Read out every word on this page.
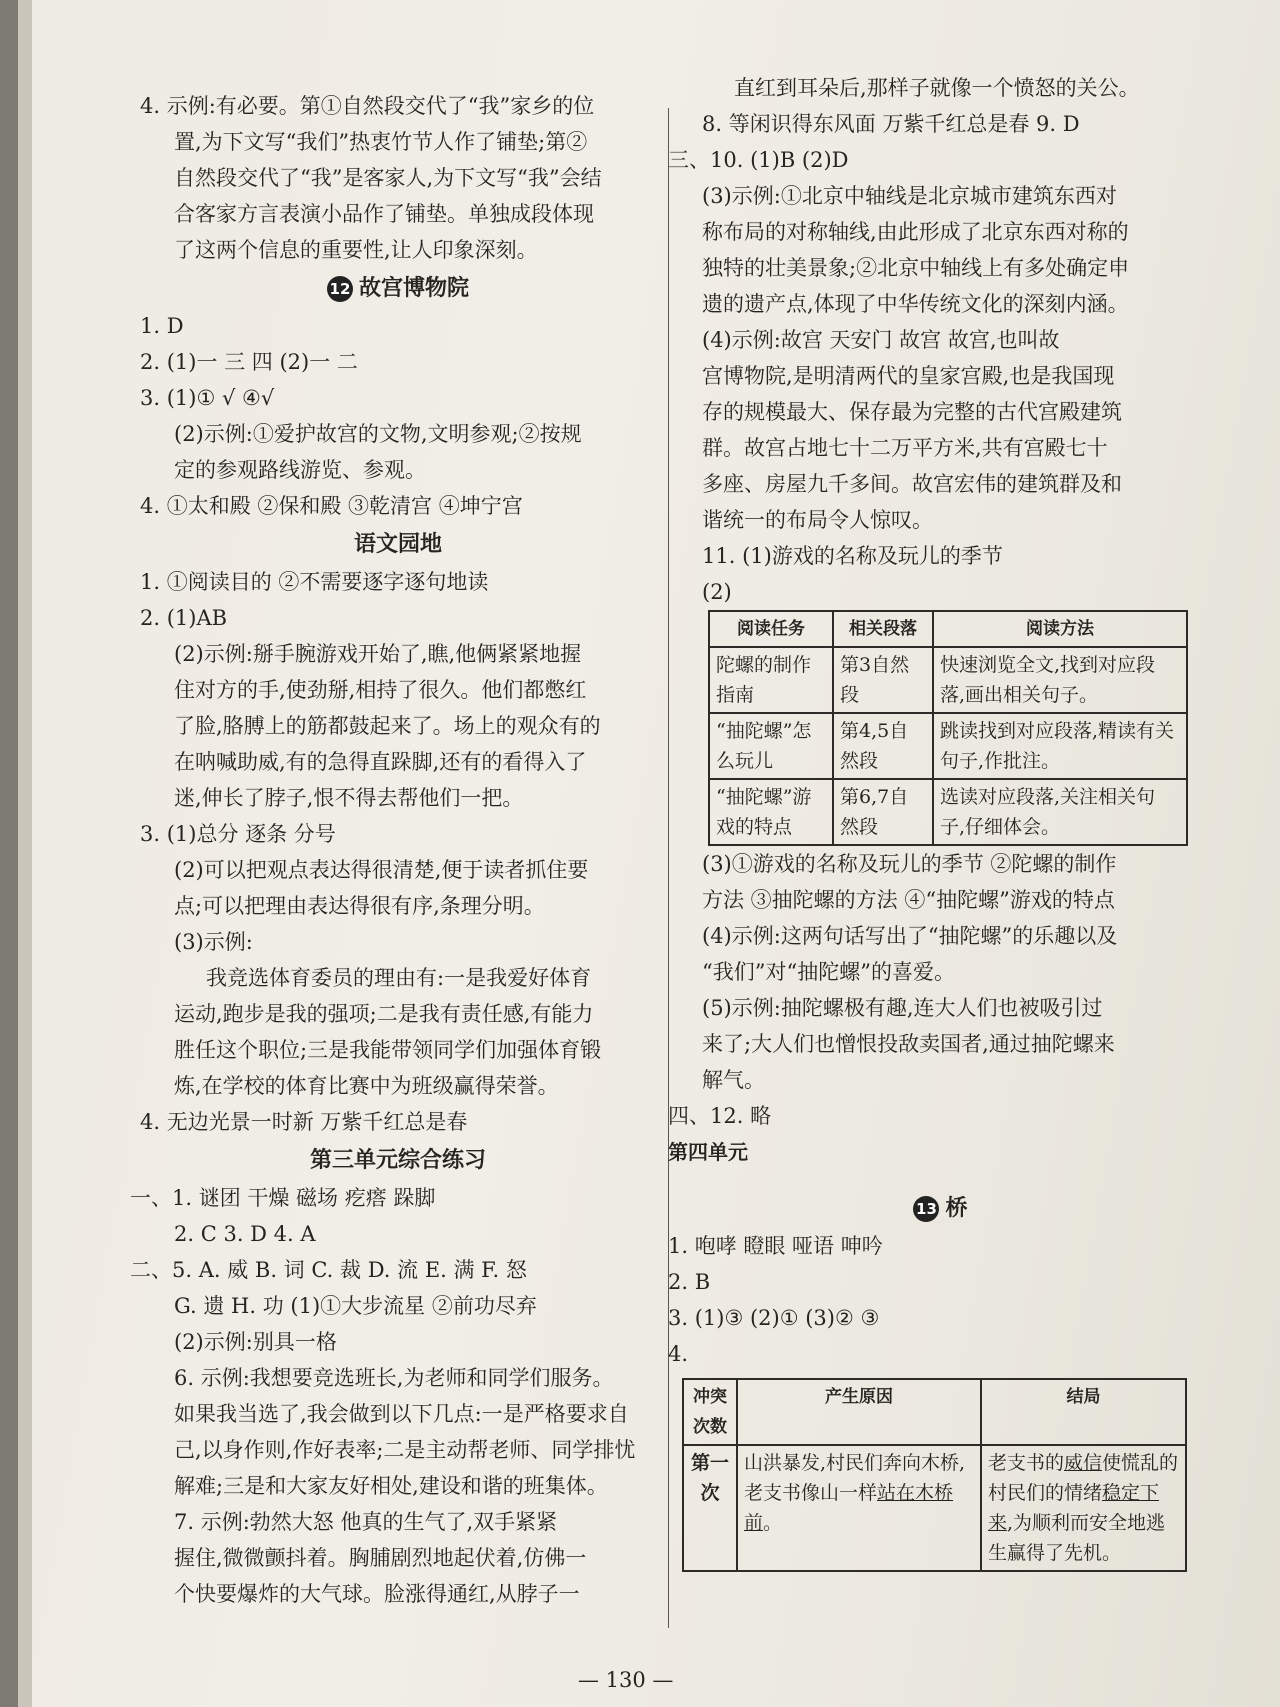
4. 示例:有必要。第①自然段交代了“我”家乡的位
置,为下文写“我们”热衷竹节人作了铺垫;第②
自然段交代了“我”是客家人,为下文写“我”会结
合客家方言表演小品作了铺垫。单独成段体现
了这两个信息的重要性,让人印象深刻。
12 故宫博物院
1. D
2. (1)一 三 四 (2)一 二
3. (1)① √ ④√
(2)示例:①爱护故宫的文物,文明参观;②按规
定的参观路线游览、参观。
4. ①太和殿 ②保和殿 ③乾清宫 ④坤宁宫
语文园地
1. ①阅读目的 ②不需要逐字逐句地读
2. (1)AB
(2)示例:掰手腕游戏开始了,瞧,他俩紧紧地握
住对方的手,使劲掰,相持了很久。他们都憋红
了脸,胳膊上的筋都鼓起来了。场上的观众有的
在呐喊助威,有的急得直跺脚,还有的看得入了
迷,伸长了脖子,恨不得去帮他们一把。
3. (1)总分 逐条 分号
(2)可以把观点表达得很清楚,便于读者抓住要
点;可以把理由表达得很有序,条理分明。
(3)示例:
我竞选体育委员的理由有:一是我爱好体育
运动,跑步是我的强项;二是我有责任感,有能力
胜任这个职位;三是我能带领同学们加强体育锻
炼,在学校的体育比赛中为班级赢得荣誉。
4. 无边光景一时新 万紫千红总是春
第三单元综合练习
一、1. 谜团 干燥 磁场 疙瘩 跺脚
2. C 3. D 4. A
二、5. A. 威 B. 词 C. 裁 D. 流 E. 满 F. 怒
G. 遗 H. 功 (1)①大步流星 ②前功尽弃
(2)示例:别具一格
6. 示例:我想要竞选班长,为老师和同学们服务。
如果我当选了,我会做到以下几点:一是严格要求自
己,以身作则,作好表率;二是主动帮老师、同学排忧
解难;三是和大家友好相处,建设和谐的班集体。
7. 示例:勃然大怒 他真的生气了,双手紧紧
握住,微微颤抖着。胸脯剧烈地起伏着,仿佛一
个快要爆炸的大气球。脸涨得通红,从脖子一
直红到耳朵后,那样子就像一个愤怒的关公。
8. 等闲识得东风面 万紫千红总是春 9. D
三、10. (1)B (2)D
(3)示例:①北京中轴线是北京城市建筑东西对
称布局的对称轴线,由此形成了北京东西对称的
独特的壮美景象;②北京中轴线上有多处确定申
遗的遗产点,体现了中华传统文化的深刻内涵。
(4)示例:故宫 天安门 故宫 故宫,也叫故
宫博物院,是明清两代的皇家宫殿,也是我国现
存的规模最大、保存最为完整的古代宫殿建筑
群。故宫占地七十二万平方米,共有宫殿七十
多座、房屋九千多间。故宫宏伟的建筑群及和
谐统一的布局令人惊叹。
11. (1)游戏的名称及玩儿的季节
(2)
阅读任务	相关段落	阅读方法
陀螺的制作指南	第3自然段	快速浏览全文,找到对应段落,画出相关句子。
“抽陀螺”怎么玩儿	第4,5自然段	跳读找到对应段落,精读有关句子,作批注。
“抽陀螺”游戏的特点	第6,7自然段	选读对应段落,关注相关句子,仔细体会。
(3)①游戏的名称及玩儿的季节 ②陀螺的制作
方法 ③抽陀螺的方法 ④“抽陀螺”游戏的特点
(4)示例:这两句话写出了“抽陀螺”的乐趣以及
“我们”对“抽陀螺”的喜爱。
(5)示例:抽陀螺极有趣,连大人们也被吸引过
来了;大人们也憎恨投敌卖国者,通过抽陀螺来
解气。
四、12. 略
第四单元
13 桥
1. 咆哮 瞪眼 哑语 呻吟
2. B
3. (1)③ (2)① (3)② ③
4.
冲突次数	产生原因	结局
第一次	山洪暴发,村民们奔向木桥,老支书像山一样站在木桥前。	老支书的威信使慌乱的村民们的情绪稳定下来,为顺利而安全地逃生赢得了先机。
— 130 —
